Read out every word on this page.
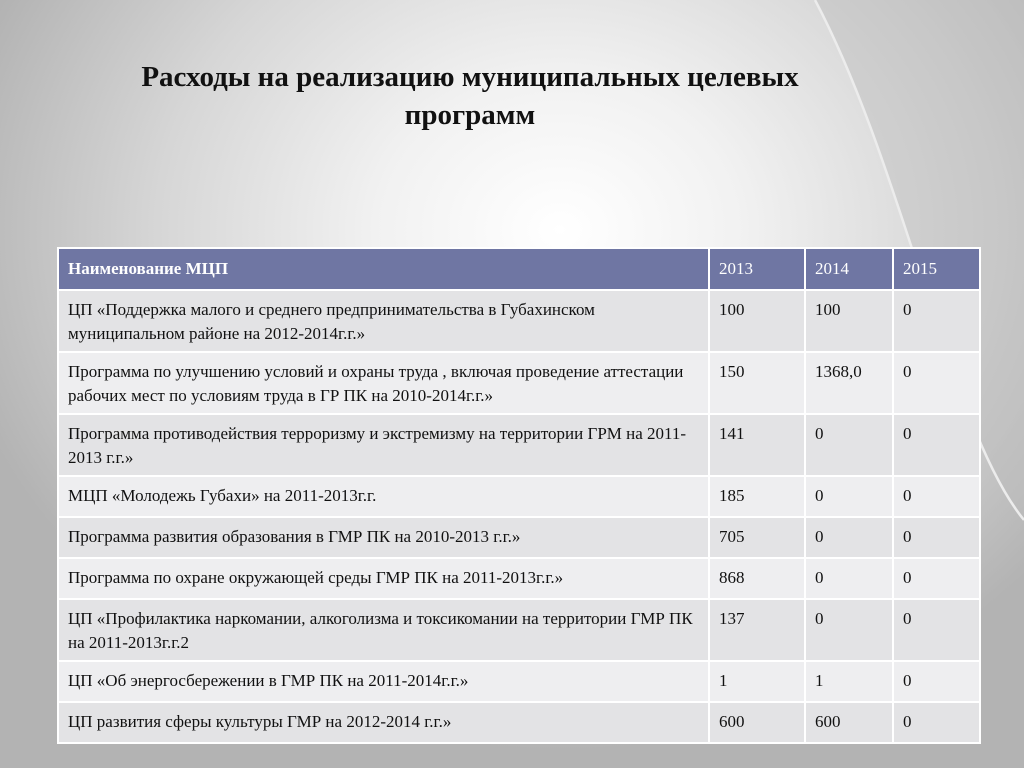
Расходы на реализацию муниципальных целевых
программ
Наименование МЦП	2013	2014	2015
ЦП «Поддержка малого и среднего предпринимательства в Губахинском муниципальном районе на 2012-2014г.г.»	100	100	0
Программа по улучшению условий и охраны труда , включая проведение аттестации рабочих мест по условиям труда в ГР ПК на 2010-2014г.г.»	150	1368,0	0
Программа противодействия терроризму и экстремизму на территории ГРМ на 2011-2013 г.г.»	141	0	0
МЦП «Молодежь Губахи» на 2011-2013г.г.	185	0	0
Программа развития образования в ГМР ПК на 2010-2013 г.г.»	705	0	0
Программа по охране окружающей среды ГМР ПК на 2011-2013г.г.»	868	0	0
ЦП «Профилактика наркомании, алкоголизма и токсикомании на территории ГМР ПК на 2011-2013г.г.2	137	0	0
ЦП «Об энергосбережении в ГМР ПК на 2011-2014г.г.»	1	1	0
ЦП развития сферы культуры ГМР на 2012-2014 г.г.»	600	600	0
